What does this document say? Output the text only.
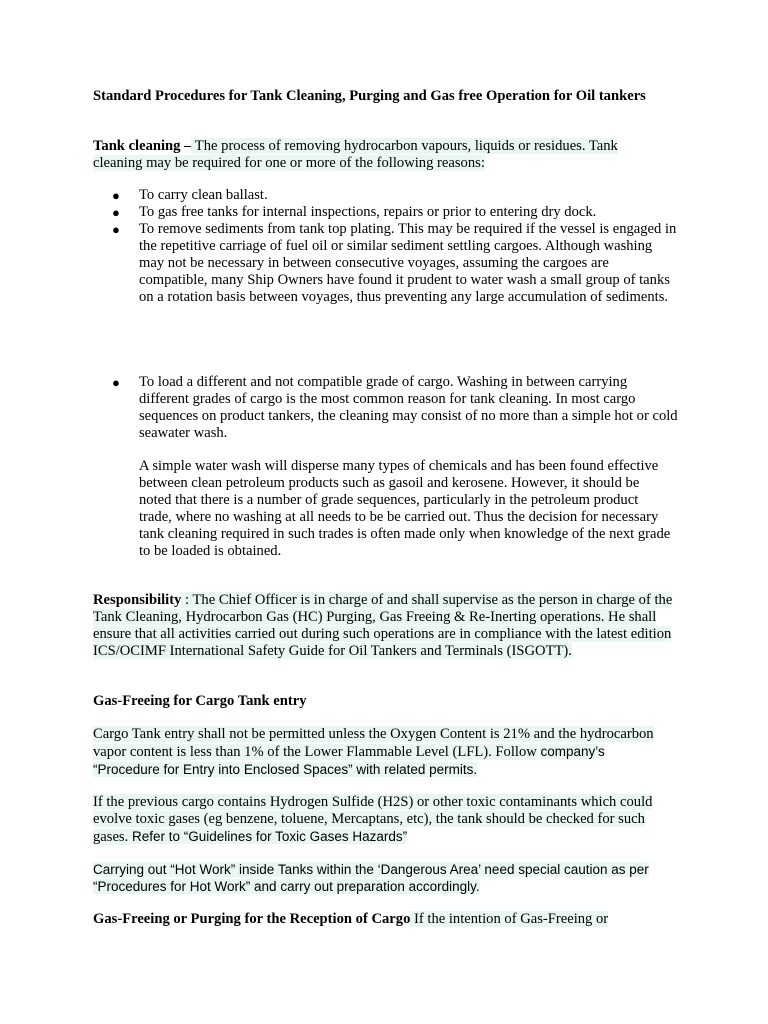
Standard Procedures for Tank Cleaning, Purging and Gas free Operation for Oil tankers

Tank cleaning – The process of removing hydrocarbon vapours, liquids or residues. Tank cleaning may be required for one or more of the following reasons:

● To carry clean ballast.
● To gas free tanks for internal inspections, repairs or prior to entering dry dock.
● To remove sediments from tank top plating. This may be required if the vessel is engaged in the repetitive carriage of fuel oil or similar sediment settling cargoes. Although washing may not be necessary in between consecutive voyages, assuming the cargoes are compatible, many Ship Owners have found it prudent to water wash a small group of tanks on a rotation basis between voyages, thus preventing any large accumulation of sediments.
● To load a different and not compatible grade of cargo. Washing in between carrying different grades of cargo is the most common reason for tank cleaning. In most cargo sequences on product tankers, the cleaning may consist of no more than a simple hot or cold seawater wash.

A simple water wash will disperse many types of chemicals and has been found effective between clean petroleum products such as gasoil and kerosene. However, it should be noted that there is a number of grade sequences, particularly in the petroleum product trade, where no washing at all needs to be be carried out. Thus the decision for necessary tank cleaning required in such trades is often made only when knowledge of the next grade to be loaded is obtained.

Responsibility : The Chief Officer is in charge of and shall supervise as the person in charge of the Tank Cleaning, Hydrocarbon Gas (HC) Purging, Gas Freeing & Re-Inerting operations. He shall ensure that all activities carried out during such operations are in compliance with the latest edition ICS/OCIMF International Safety Guide for Oil Tankers and Terminals (ISGOTT).

Gas-Freeing for Cargo Tank entry

Cargo Tank entry shall not be permitted unless the Oxygen Content is 21% and the hydrocarbon vapor content is less than 1% of the Lower Flammable Level (LFL). Follow company’s “Procedure for Entry into Enclosed Spaces” with related permits.

If the previous cargo contains Hydrogen Sulfide (H2S) or other toxic contaminants which could evolve toxic gases (eg benzene, toluene, Mercaptans, etc), the tank should be checked for such gases. Refer to “Guidelines for Toxic Gases Hazards”

Carrying out “Hot Work” inside Tanks within the ‘Dangerous Area’ need special caution as per “Procedures for Hot Work” and carry out preparation accordingly.

Gas-Freeing or Purging for the Reception of Cargo If the intention of Gas-Freeing or
